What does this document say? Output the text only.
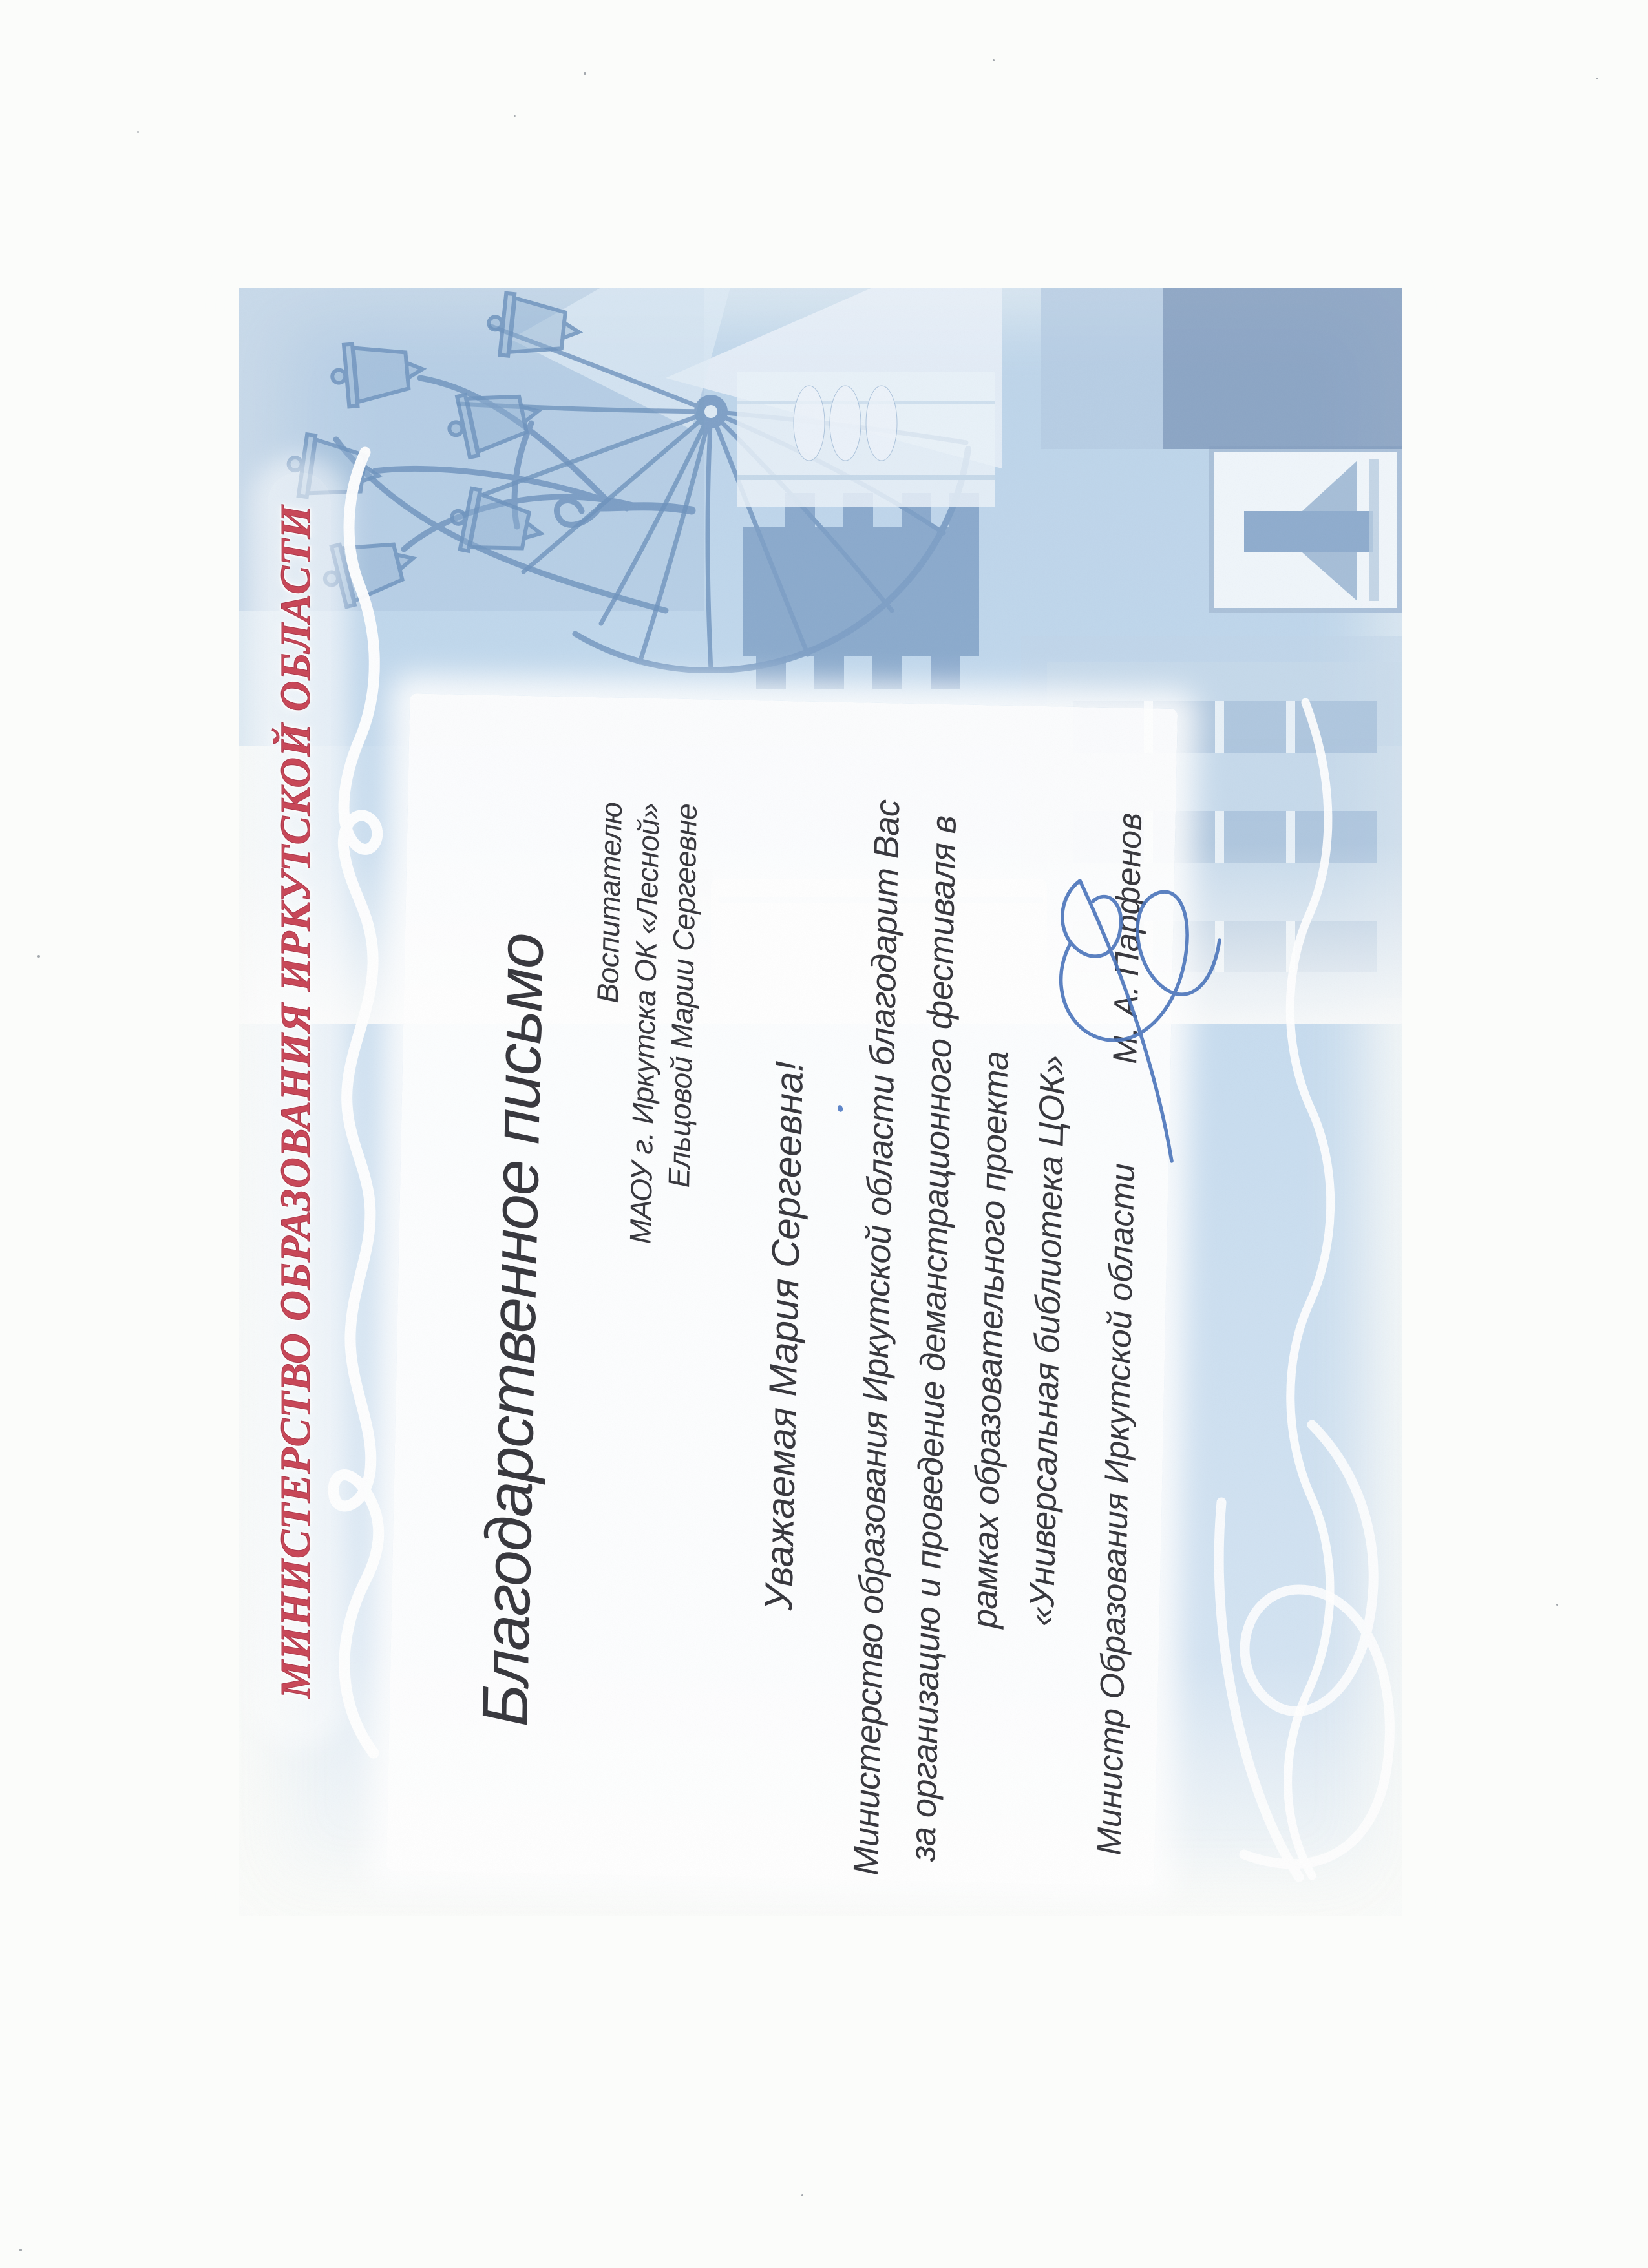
МИНИСТЕРСТВО ОБРАЗОВАНИЯ ИРКУТСКОЙ ОБЛАСТИ Благодарственное письмо
Воспитателю
МАОУ г. Иркутска ОК «Лесной»
Ельцовой Марии Сергеевне
Уважаемая Мария Сергеевна! Министерство образования Иркутской области благодарит Вас
за организацию и проведение деманстрационного фестиваля в рамках образовательного проекта «Универсальная библиотека ЦОК» Министр Образования Иркутской области
М. А. Парфенов
